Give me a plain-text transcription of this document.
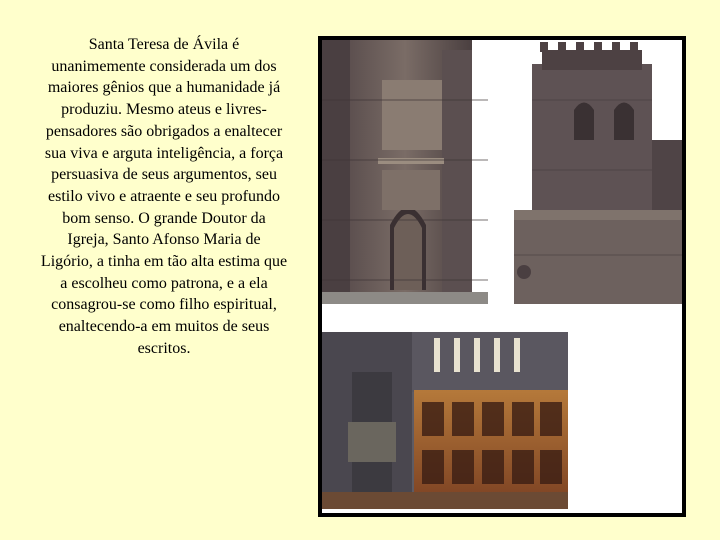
Santa Teresa de Ávila é unanimemente considerada um dos maiores gênios que a humanidade já produziu. Mesmo ateus e livres-pensadores são obrigados a enaltecer sua viva e arguta inteligência, a força persuasiva de seus argumentos, seu estilo vivo e atraente e seu profundo bom senso. O grande Doutor da Igreja, Santo Afonso Maria de Ligório, a tinha em tão alta estima que a escolheu como patrona, e a ela consagrou-se como filho espiritual, enaltecendo-a em muitos de seus escritos.
